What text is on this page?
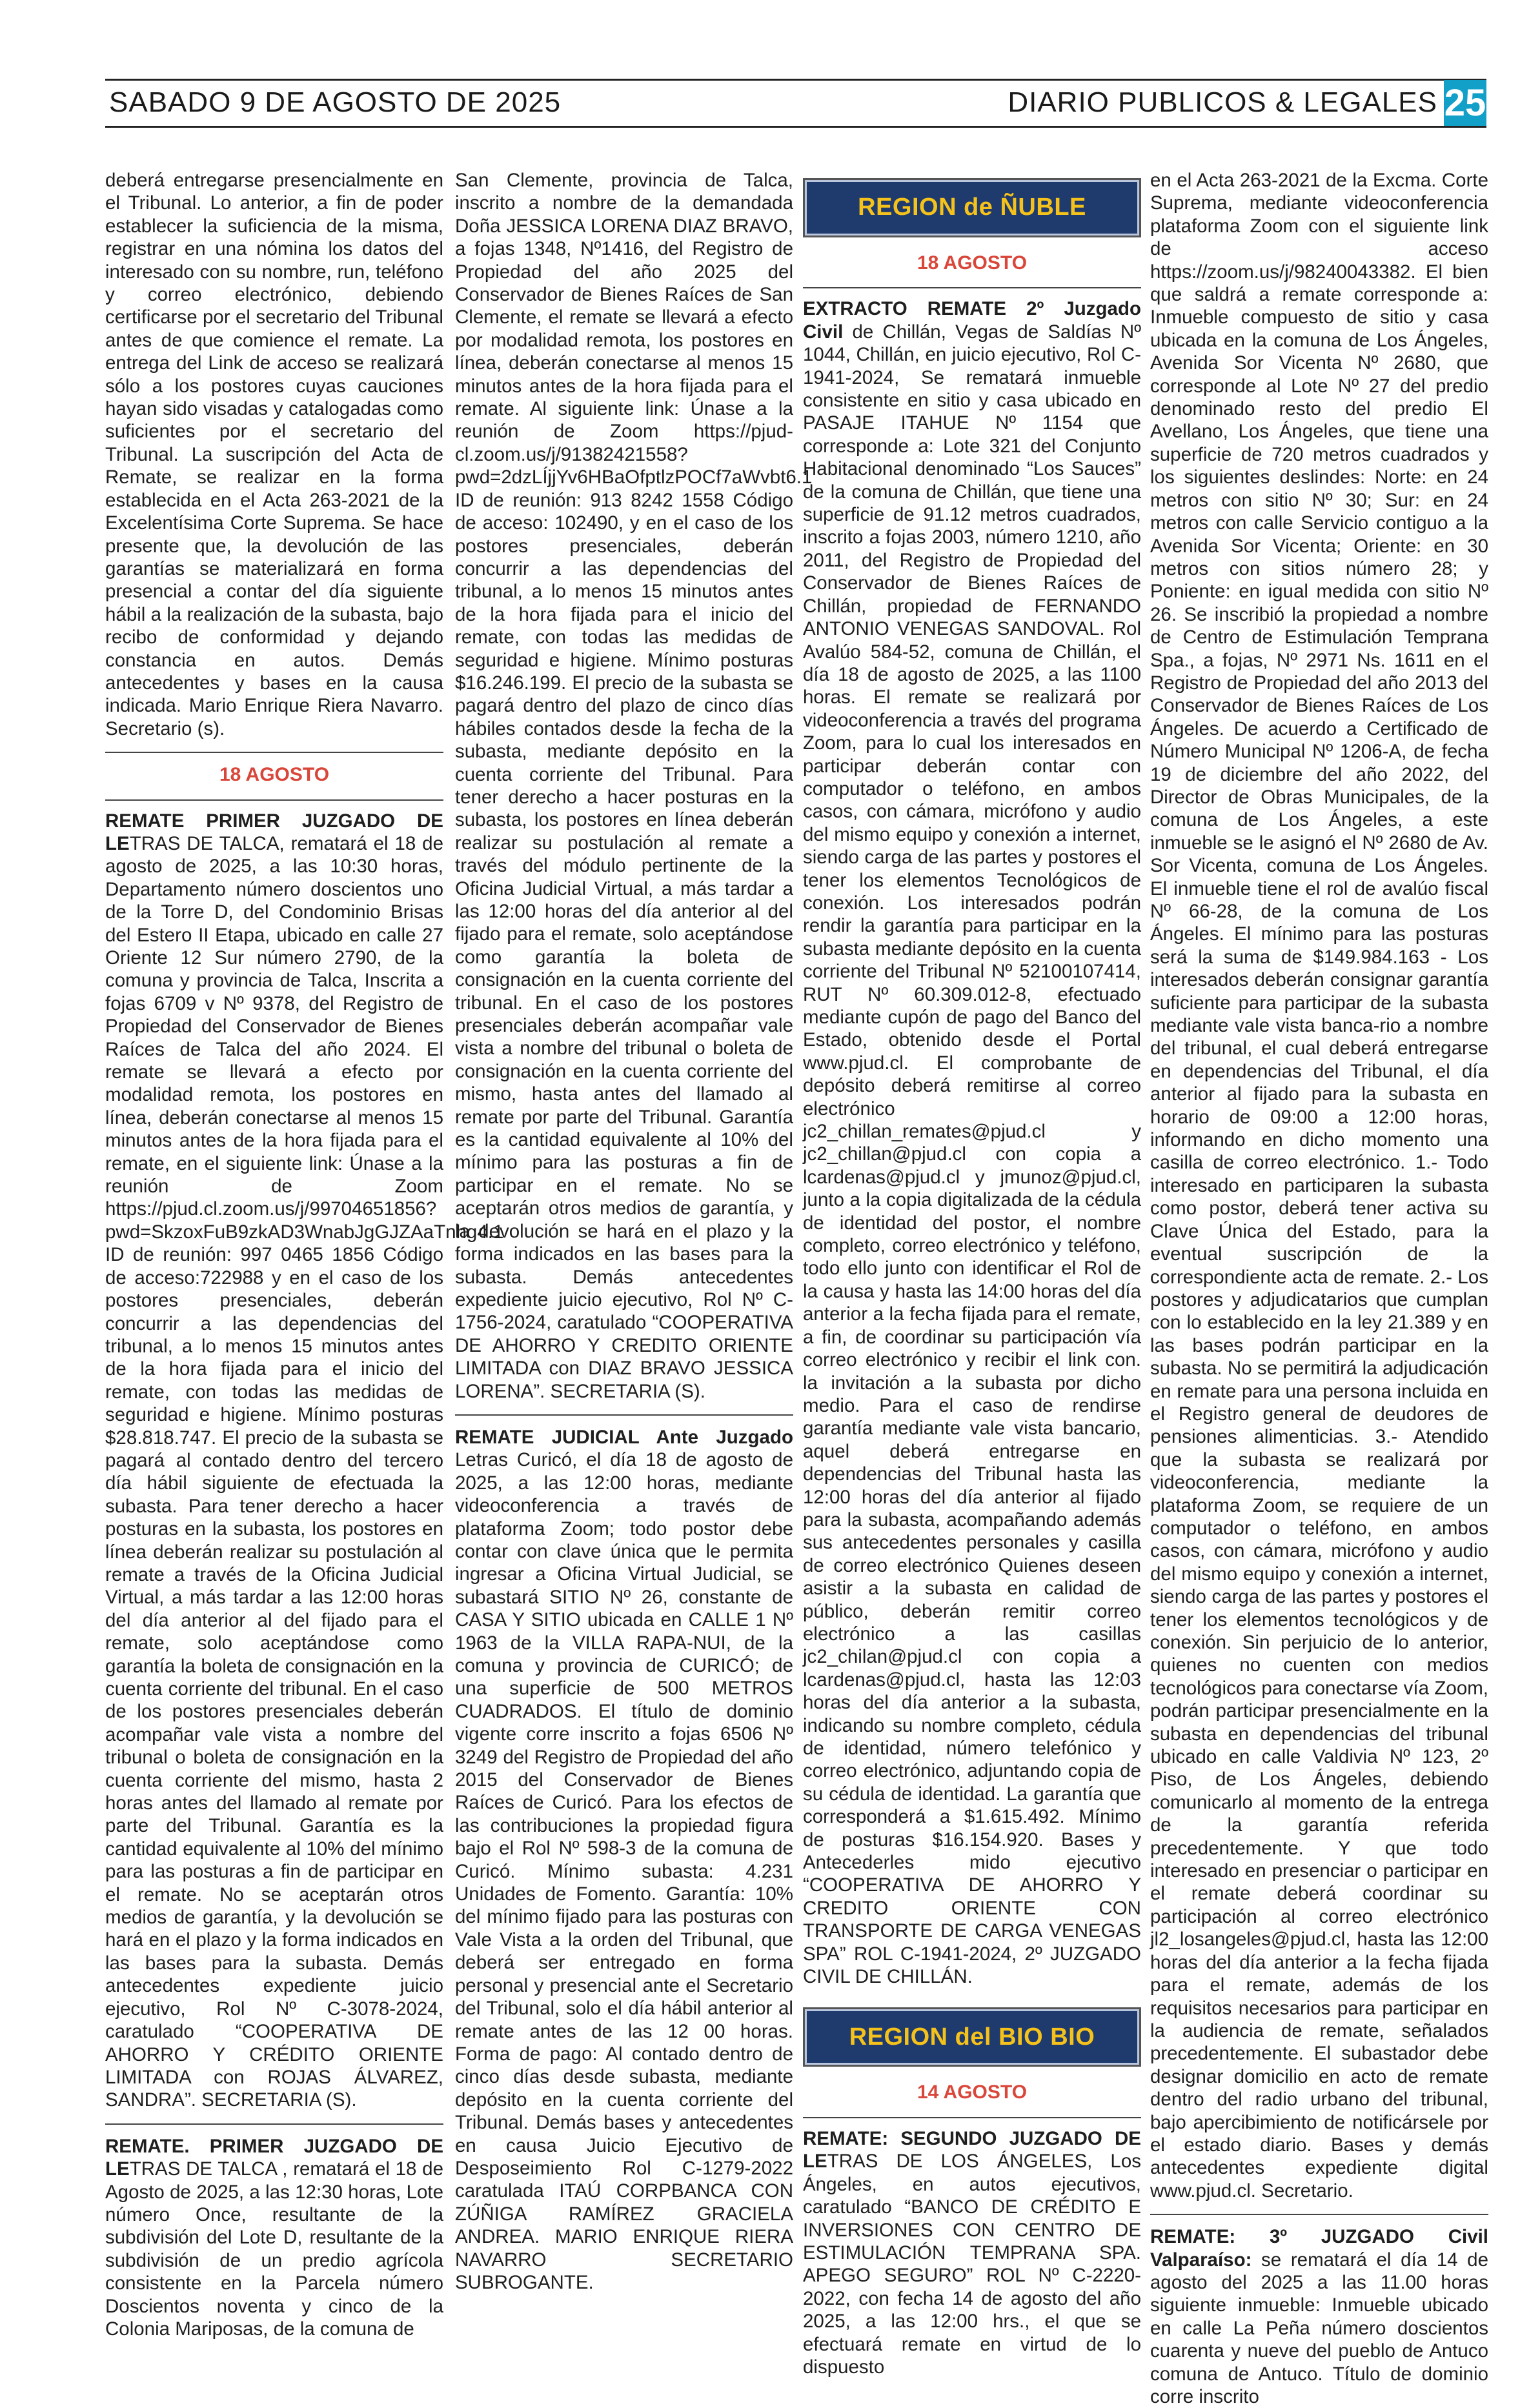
SABADO 9 DE AGOSTO DE 2025	DIARIO PUBLICOS & LEGALES 25

deberá entregarse presencialmente en el Tribunal. Lo anterior, a fin de poder establecer la suficiencia de la misma, registrar en una nómina los datos del interesado con su nombre, run, teléfono y correo electrónico, debiendo certificarse por el secretario del Tribunal antes de que comience el remate. La entrega del Link de acceso se realizará sólo a los postores cuyas cauciones hayan sido visadas y catalogadas como suficientes por el secretario del Tribunal. La suscripción del Acta de Remate, se realizar en la forma establecida en el Acta 263-2021 de la Excelentísima Corte Suprema. Se hace presente que, la devolución de las garantías se materializará en forma presencial a contar del día siguiente hábil a la realización de la subasta, bajo recibo de conformidad y dejando constancia en autos. Demás antecedentes y bases en la causa indicada. Mario Enrique Riera Navarro. Secretario (s).

18 AGOSTO

REMATE PRIMER JUZGADO DE LETRAS DE TALCA, rematará el 18 de agosto de 2025, a las 10:30 horas, Departamento número doscientos uno de la Torre D, del Condominio Brisas del Estero II Etapa, ubicado en calle 27 Oriente 12 Sur número 2790, de la comuna y provincia de Talca, Inscrita a fojas 6709 v Nº 9378, del Registro de Propiedad del Conservador de Bienes Raíces de Talca del año 2024. El remate se llevará a efecto por modalidad remota, los postores en línea, deberán conectarse al menos 15 minutos antes de la hora fijada para el remate, en el siguiente link: Únase a la reunión de Zoom https://pjud.cl.zoom.us/j/99704651856?pwd=SkzoxFuB9zkAD3WnabJgGJZAaTnhg4.1 ID de reunión: 997 0465 1856 Código de acceso:722988 y en el caso de los postores presenciales, deberán concurrir a las dependencias del tribunal, a lo menos 15 minutos antes de la hora fijada para el inicio del remate, con todas las medidas de seguridad e higiene. Mínimo posturas $28.818.747. El precio de la subasta se pagará al contado dentro del tercero día hábil siguiente de efectuada la subasta. Para tener derecho a hacer posturas en la subasta, los postores en línea deberán realizar su postulación al remate a través de la Oficina Judicial Virtual, a más tardar a las 12:00 horas del día anterior al del fijado para el remate, solo aceptándose como garantía la boleta de consignación en la cuenta corriente del tribunal. En el caso de los postores presenciales deberán acompañar vale vista a nombre del tribunal o boleta de consignación en la cuenta corriente del mismo, hasta 2 horas antes del llamado al remate por parte del Tribunal. Garantía es la cantidad equivalente al 10% del mínimo para las posturas a fin de participar en el remate. No se aceptarán otros medios de garantía, y la devolución se hará en el plazo y la forma indicados en las bases para la subasta. Demás antecedentes expediente juicio ejecutivo, Rol Nº C-3078-2024, caratulado “COOPERATIVA DE AHORRO Y CRÉDITO ORIENTE LIMITADA con ROJAS ÁLVAREZ, SANDRA”. SECRETARIA (S).

REMATE. PRIMER JUZGADO DE LETRAS DE TALCA , rematará el 18 de Agosto de 2025, a las 12:30 horas, Lote número Once, resultante de la subdivisión del Lote D, resultante de la subdivisión de un predio agrícola consistente en la Parcela número Doscientos noventa y cinco de la Colonia Mariposas, de la comuna de

San Clemente, provincia de Talca, inscrito a nombre de la demandada Doña JESSICA LORENA DIAZ BRAVO, a fojas 1348, Nº1416, del Registro de Propiedad del año 2025 del Conservador de Bienes Raíces de San Clemente, el remate se llevará a efecto por modalidad remota, los postores en línea, deberán conectarse al menos 15 minutos antes de la hora fijada para el remate. Al siguiente link: Únase a la reunión de Zoom https://pjud-cl.zoom.us/j/91382421558?pwd=2dzLÍjjYv6HBaOfptlzPOCf7aWvbt6.1 ID de reunión: 913 8242 1558 Código de acceso: 102490, y en el caso de los postores presenciales, deberán concurrir a las dependencias del tribunal, a lo menos 15 minutos antes de la hora fijada para el inicio del remate, con todas las medidas de seguridad e higiene. Mínimo posturas $16.246.199. El precio de la subasta se pagará dentro del plazo de cinco días hábiles contados desde la fecha de la subasta, mediante depósito en la cuenta corriente del Tribunal. Para tener derecho a hacer posturas en la subasta, los postores en línea deberán realizar su postulación al remate a través del módulo pertinente de la Oficina Judicial Virtual, a más tardar a las 12:00 horas del día anterior al del fijado para el remate, solo aceptándose como garantía la boleta de consignación en la cuenta corriente del tribunal. En el caso de los postores presenciales deberán acompañar vale vista a nombre del tribunal o boleta de consignación en la cuenta corriente del mismo, hasta antes del llamado al remate por parte del Tribunal. Garantía es la cantidad equivalente al 10% del mínimo para las posturas a fin de participar en el remate. No se aceptarán otros medios de garantía, y la devolución se hará en el plazo y la forma indicados en las bases para la subasta. Demás antecedentes expediente juicio ejecutivo, Rol Nº C-1756-2024, caratulado “COOPERATIVA DE AHORRO Y CREDITO ORIENTE LIMITADA con DIAZ BRAVO JESSICA LORENA”. SECRETARIA (S).

REMATE JUDICIAL Ante Juzgado Letras Curicó, el día 18 de agosto de 2025, a las 12:00 horas, mediante videoconferencia a través de plataforma Zoom; todo postor debe contar con clave única que le permita ingresar a Oficina Virtual Judicial, se subastará SITIO Nº 26, constante de CASA Y SITIO ubicada en CALLE 1 Nº 1963 de la VILLA RAPA-NUI, de la comuna y provincia de CURICÓ; de una superficie de 500 METROS CUADRADOS. El título de dominio vigente corre inscrito a fojas 6506 Nº 3249 del Registro de Propiedad del año 2015 del Conservador de Bienes Raíces de Curicó. Para los efectos de las contribuciones la propiedad figura bajo el Rol Nº 598-3 de la comuna de Curicó. Mínimo subasta: 4.231 Unidades de Fomento. Garantía: 10% del mínimo fijado para las posturas con Vale Vista a la orden del Tribunal, que deberá ser entregado en forma personal y presencial ante el Secretario del Tribunal, solo el día hábil anterior al remate antes de las 12 00 horas. Forma de pago: Al contado dentro de cinco días desde subasta, mediante depósito en la cuenta corriente del Tribunal. Demás bases y antecedentes en causa Juicio Ejecutivo de Desposeimiento Rol C-1279-2022 caratulada ITAÚ CORPBANCA CON ZÚÑIGA RAMÍREZ GRACIELA ANDREA. MARIO ENRIQUE RIERA NAVARRO SECRETARIO SUBROGANTE.

REGION de ÑUBLE
18 AGOSTO

EXTRACTO REMATE 2º Juzgado Civil de Chillán, Vegas de Saldías Nº 1044, Chillán, en juicio ejecutivo, Rol C-1941-2024, Se rematará inmueble consistente en sitio y casa ubicado en PASAJE ITAHUE Nº 1154 que corresponde a: Lote 321 del Conjunto Habitacional denominado “Los Sauces” de la comuna de Chillán, que tiene una superficie de 91.12 metros cuadrados, inscrito a fojas 2003, número 1210, año 2011, del Registro de Propiedad del Conservador de Bienes Raíces de Chillán, propiedad de FERNANDO ANTONIO VENEGAS SANDOVAL. Rol Avalúo 584-52, comuna de Chillán, el día 18 de agosto de 2025, a las 1100 horas. El remate se realizará por videoconferencia a través del programa Zoom, para lo cual los interesados en participar deberán contar con computador o teléfono, en ambos casos, con cámara, micrófono y audio del mismo equipo y conexión a internet, siendo carga de las partes y postores el tener los elementos Tecnológicos de conexión. Los interesados podrán rendir la garantía para participar en la subasta mediante depósito en la cuenta corriente del Tribunal Nº 52100107414, RUT Nº 60.309.012-8, efectuado mediante cupón de pago del Banco del Estado, obtenido desde el Portal www.pjud.cl. El comprobante de depósito deberá remitirse al correo electrónico jc2_chillan_remates@pjud.cl y jc2_chillan@pjud.cl con copia a lcardenas@pjud.cl y jmunoz@pjud.cl, junto a la copia digitalizada de la cédula de identidad del postor, el nombre completo, correo electrónico y teléfono, todo ello junto con identificar el Rol de la causa y hasta las 14:00 horas del día anterior a la fecha fijada para el remate, a fin, de coordinar su participación vía correo electrónico y recibir el link con. la invitación a la subasta por dicho medio. Para el caso de rendirse garantía mediante vale vista bancario, aquel deberá entregarse en dependencias del Tribunal hasta las 12:00 horas del día anterior al fijado para la subasta, acompañando además sus antecedentes personales y casilla de correo electrónico Quienes deseen asistir a la subasta en calidad de público, deberán remitir correo electrónico a las casillas jc2_chilan@pjud.cl con copia a lcardenas@pjud.cl, hasta las 12:03 horas del día anterior a la subasta, indicando su nombre completo, cédula de identidad, número telefónico y correo electrónico, adjuntando copia de su cédula de identidad. La garantía que corresponderá a $1.615.492. Mínimo de posturas $16.154.920. Bases y Antecederles mido ejecutivo “COOPERATIVA DE AHORRO Y CREDITO ORIENTE CON TRANSPORTE DE CARGA VENEGAS SPA” ROL C-1941-2024, 2º JUZGADO CIVIL DE CHILLÁN.

REGION del BIO BIO
14 AGOSTO

REMATE: SEGUNDO JUZGADO DE LETRAS DE LOS ÁNGELES, Los Ángeles, en autos ejecutivos, caratulado “BANCO DE CRÉDITO E INVERSIONES CON CENTRO DE ESTIMULACIÓN TEMPRANA SPA. APEGO SEGURO” ROL Nº C-2220-2022, con fecha 14 de agosto del año 2025, a las 12:00 hrs., el que se efectuará remate en virtud de lo dispuesto

en el Acta 263-2021 de la Excma. Corte Suprema, mediante videoconferencia plataforma Zoom con el siguiente link de acceso https://zoom.us/j/98240043382. El bien que saldrá a remate corresponde a: Inmueble compuesto de sitio y casa ubicada en la comuna de Los Ángeles, Avenida Sor Vicenta Nº 2680, que corresponde al Lote Nº 27 del predio denominado resto del predio El Avellano, Los Ángeles, que tiene una superficie de 720 metros cuadrados y los siguientes deslindes: Norte: en 24 metros con sitio Nº 30; Sur: en 24 metros con calle Servicio contiguo a la Avenida Sor Vicenta; Oriente: en 30 metros con sitios número 28; y Poniente: en igual medida con sitio Nº 26. Se inscribió la propiedad a nombre de Centro de Estimulación Temprana Spa., a fojas, Nº 2971 Ns. 1611 en el Registro de Propiedad del año 2013 del Conservador de Bienes Raíces de Los Ángeles. De acuerdo a Certificado de Número Municipal Nº 1206-A, de fecha 19 de diciembre del año 2022, del Director de Obras Municipales, de la comuna de Los Ángeles, a este inmueble se le asignó el Nº 2680 de Av. Sor Vicenta, comuna de Los Ángeles. El inmueble tiene el rol de avalúo fiscal Nº 66-28, de la comuna de Los Ángeles. El mínimo para las posturas será la suma de $149.984.163 - Los interesados deberán consignar garantía suficiente para participar de la subasta mediante vale vista banca-rio a nombre del tribunal, el cual deberá entregarse en dependencias del Tribunal, el día anterior al fijado para la subasta en horario de 09:00 a 12:00 horas, informando en dicho momento una casilla de correo electrónico. 1.- Todo interesado en participaren la subasta como postor, deberá tener activa su Clave Única del Estado, para la eventual suscripción de la correspondiente acta de remate. 2.- Los postores y adjudicatarios que cumplan con lo establecido en la ley 21.389 y en las bases podrán participar en la subasta. No se permitirá la adjudicación en remate para una persona incluida en el Registro general de deudores de pensiones alimenticias. 3.- Atendido que la subasta se realizará por videoconferencia, mediante la plataforma Zoom, se requiere de un computador o teléfono, en ambos casos, con cámara, micrófono y audio del mismo equipo y conexión a internet, siendo carga de las partes y postores el tener los elementos tecnológicos y de conexión. Sin perjuicio de lo anterior, quienes no cuenten con medios tecnológicos para conectarse vía Zoom, podrán participar presencialmente en la subasta en dependencias del tribunal ubicado en calle Valdivia Nº 123, 2º Piso, de Los Ángeles, debiendo comunicarlo al momento de la entrega de la garantía referida precedentemente. Y que todo interesado en presenciar o participar en el remate deberá coordinar su participación al correo electrónico jl2_losangeles@pjud.cl, hasta las 12:00 horas del día anterior a la fecha fijada para el remate, además de los requisitos necesarios para participar en la audiencia de remate, señalados precedentemente. El subastador debe designar domicilio en acto de remate dentro del radio urbano del tribunal, bajo apercibimiento de notificársele por el estado diario. Bases y demás antecedentes expediente digital www.pjud.cl. Secretario.

REMATE: 3º JUZGADO Civil Valparaíso: se rematará el día 14 de agosto del 2025 a las 11.00 horas siguiente inmueble: Inmueble ubicado en calle La Peña número doscientos cuarenta y nueve del pueblo de Antuco comuna de Antuco. Título de dominio corre inscrito
